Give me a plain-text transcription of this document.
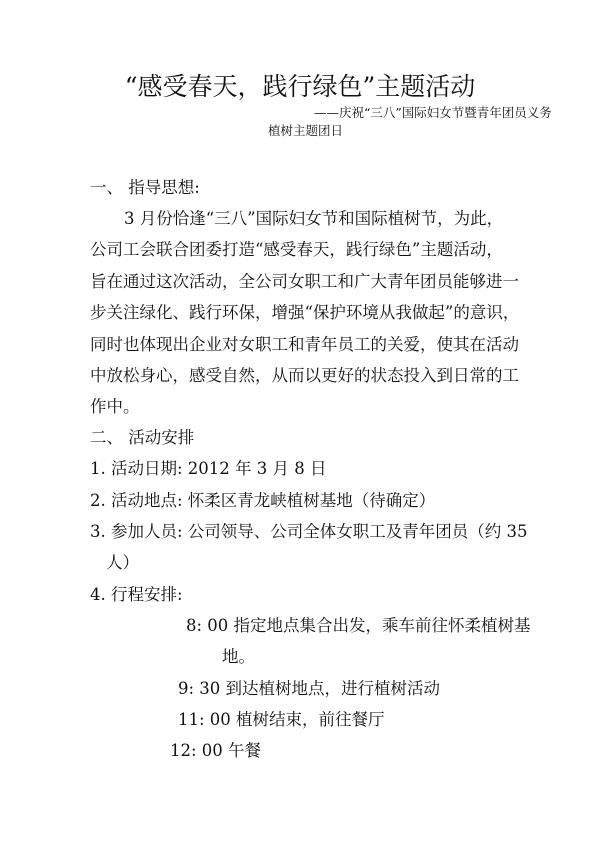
“感受春天，践行绿色”主题活动
——庆祝“三八”国际妇女节暨青年团员义务
植树主题团日
一、 指导思想:
3 月份恰逢“三八”国际妇女节和国际植树节，为此，
公司工会联合团委打造“感受春天，践行绿色”主题活动，
旨在通过这次活动，全公司女职工和广大青年团员能够进一
步关注绿化、践行环保，增强“保护环境从我做起”的意识，
同时也体现出企业对女职工和青年员工的关爱，使其在活动
中放松身心，感受自然，从而以更好的状态投入到日常的工
作中。
二、 活动安排
1. 活动日期: 2012 年 3 月 8 日
2. 活动地点: 怀柔区青龙峡植树基地（待确定）
3. 参加人员: 公司领导、公司全体女职工及青年团员（约 35
人）
4. 行程安排:
8: 00 指定地点集合出发，乘车前往怀柔植树基
地。
9: 30 到达植树地点，进行植树活动
11: 00 植树结束，前往餐厅
12: 00 午餐
